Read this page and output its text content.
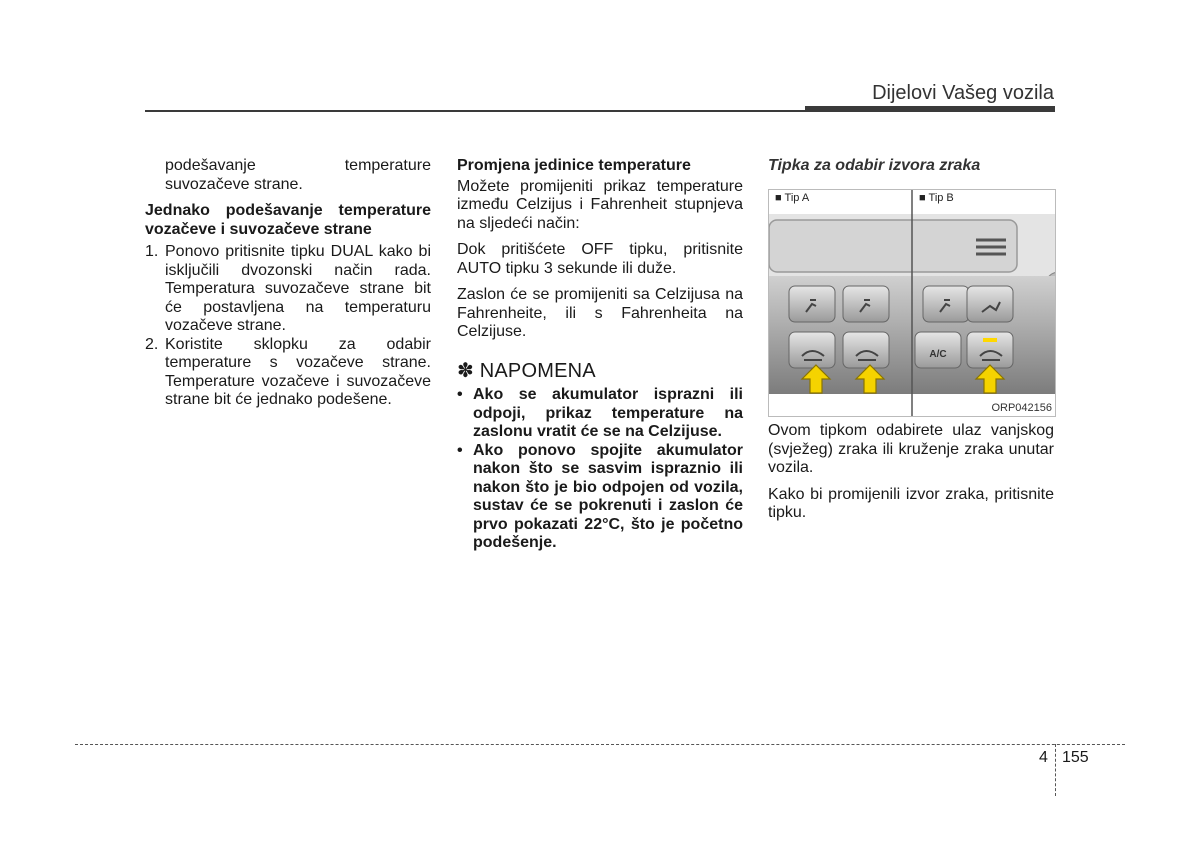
Dijelovi Vašeg vozila

podešavanje temperature suvozačeve strane.

Jednako podešavanje temperature vozačeve i suvozačeve strane

1. Ponovo pritisnite tipku DUAL kako bi isključili dvozonski način rada. Temperatura suvozačeve strane bit će postavljena na temperaturu vozačeve strane.
2. Koristite sklopku za odabir temperature s vozačeve strane. Temperature vozačeve i suvozačeve strane bit će jednako podešene.

Promjena jedinice temperature

Možete promijeniti prikaz temperature između Celzijus i Fahrenheit stupnjeva na sljedeći način:

Dok pritišćete OFF tipku, pritisnite AUTO tipku 3 sekunde ili duže.

Zaslon će se promijeniti sa Celzijusa na Fahrenheite, ili s Fahrenheita na Celzijuse.

✽ NAPOMENA
• Ako se akumulator isprazni ili odpoji, prikaz temperature na zaslonu vratit će se na Celzijuse.
• Ako ponovo spojite akumulator nakon što se sasvim ispraznio ili nakon što je bio odpojen od vozila, sustav će se pokrenuti i zaslon će prvo pokazati 22°C, što je početno podešenje.
Tipka za odabir izvora zraka
A/C
■ Tip A	■ Tip B
ORP042156

Ovom tipkom odabirete ulaz vanjskog (svježeg) zraka ili kruženje zraka unutar vozila.

Kako bi promijenili izvor zraka, pritisnite tipku.

4 155
